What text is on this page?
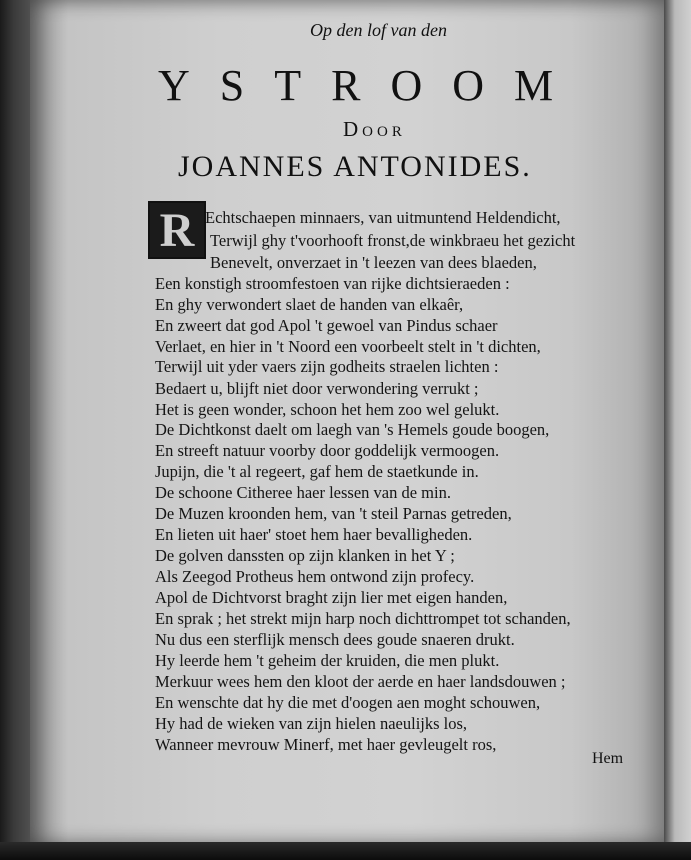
Op den lof van den
YSTROOM
Door
JOANNES ANTONIDES.
R Echtschaepen minnaers, van uitmuntend Heldendicht,
Terwijl ghy t'voorhooft fronst,de winkbraeu het gezicht
Benevelt, onverzaet in 't leezen van dees blaeden,
Een konstigh stroomfestoen van rijke dichtsieraeden :
En ghy verwondert slaet de handen van elkaêr,
En zweert dat god Apol 't gewoel van Pindus schaer
Verlaet, en hier in 't Noord een voorbeelt stelt in 't dichten,
Terwijl uit yder vaers zijn godheits straelen lichten :
Bedaert u, blijft niet door verwondering verrukt ;
Het is geen wonder, schoon het hem zoo wel gelukt.
De Dichtkonst daelt om laegh van 's Hemels goude boogen,
En streeft natuur voorby door goddelijk vermoogen.
Jupijn, die 't al regeert, gaf hem de staetkunde in.
De schoone Citheree haer lessen van de min.
De Muzen kroonden hem, van 't steil Parnas getreden,
En lieten uit haer' stoet hem haer bevalligheden.
De golven danssten op zijn klanken in het Y ;
Als Zeegod Protheus hem ontwond zijn profecy.
Apol de Dichtvorst braght zijn lier met eigen handen,
En sprak ; het strekt mijn harp noch dichttrompet tot schanden,
Nu dus een sterflijk mensch dees goude snaeren drukt.
Hy leerde hem 't geheim der kruiden, die men plukt.
Merkuur wees hem den kloot der aerde en haer landsdouwen ;
En wenschte dat hy die met d'oogen aen moght schouwen,
Hy had de wieken van zijn hielen naeulijks los,
Wanneer mevrouw Minerf, met haer gevleugelt ros,
Hem
